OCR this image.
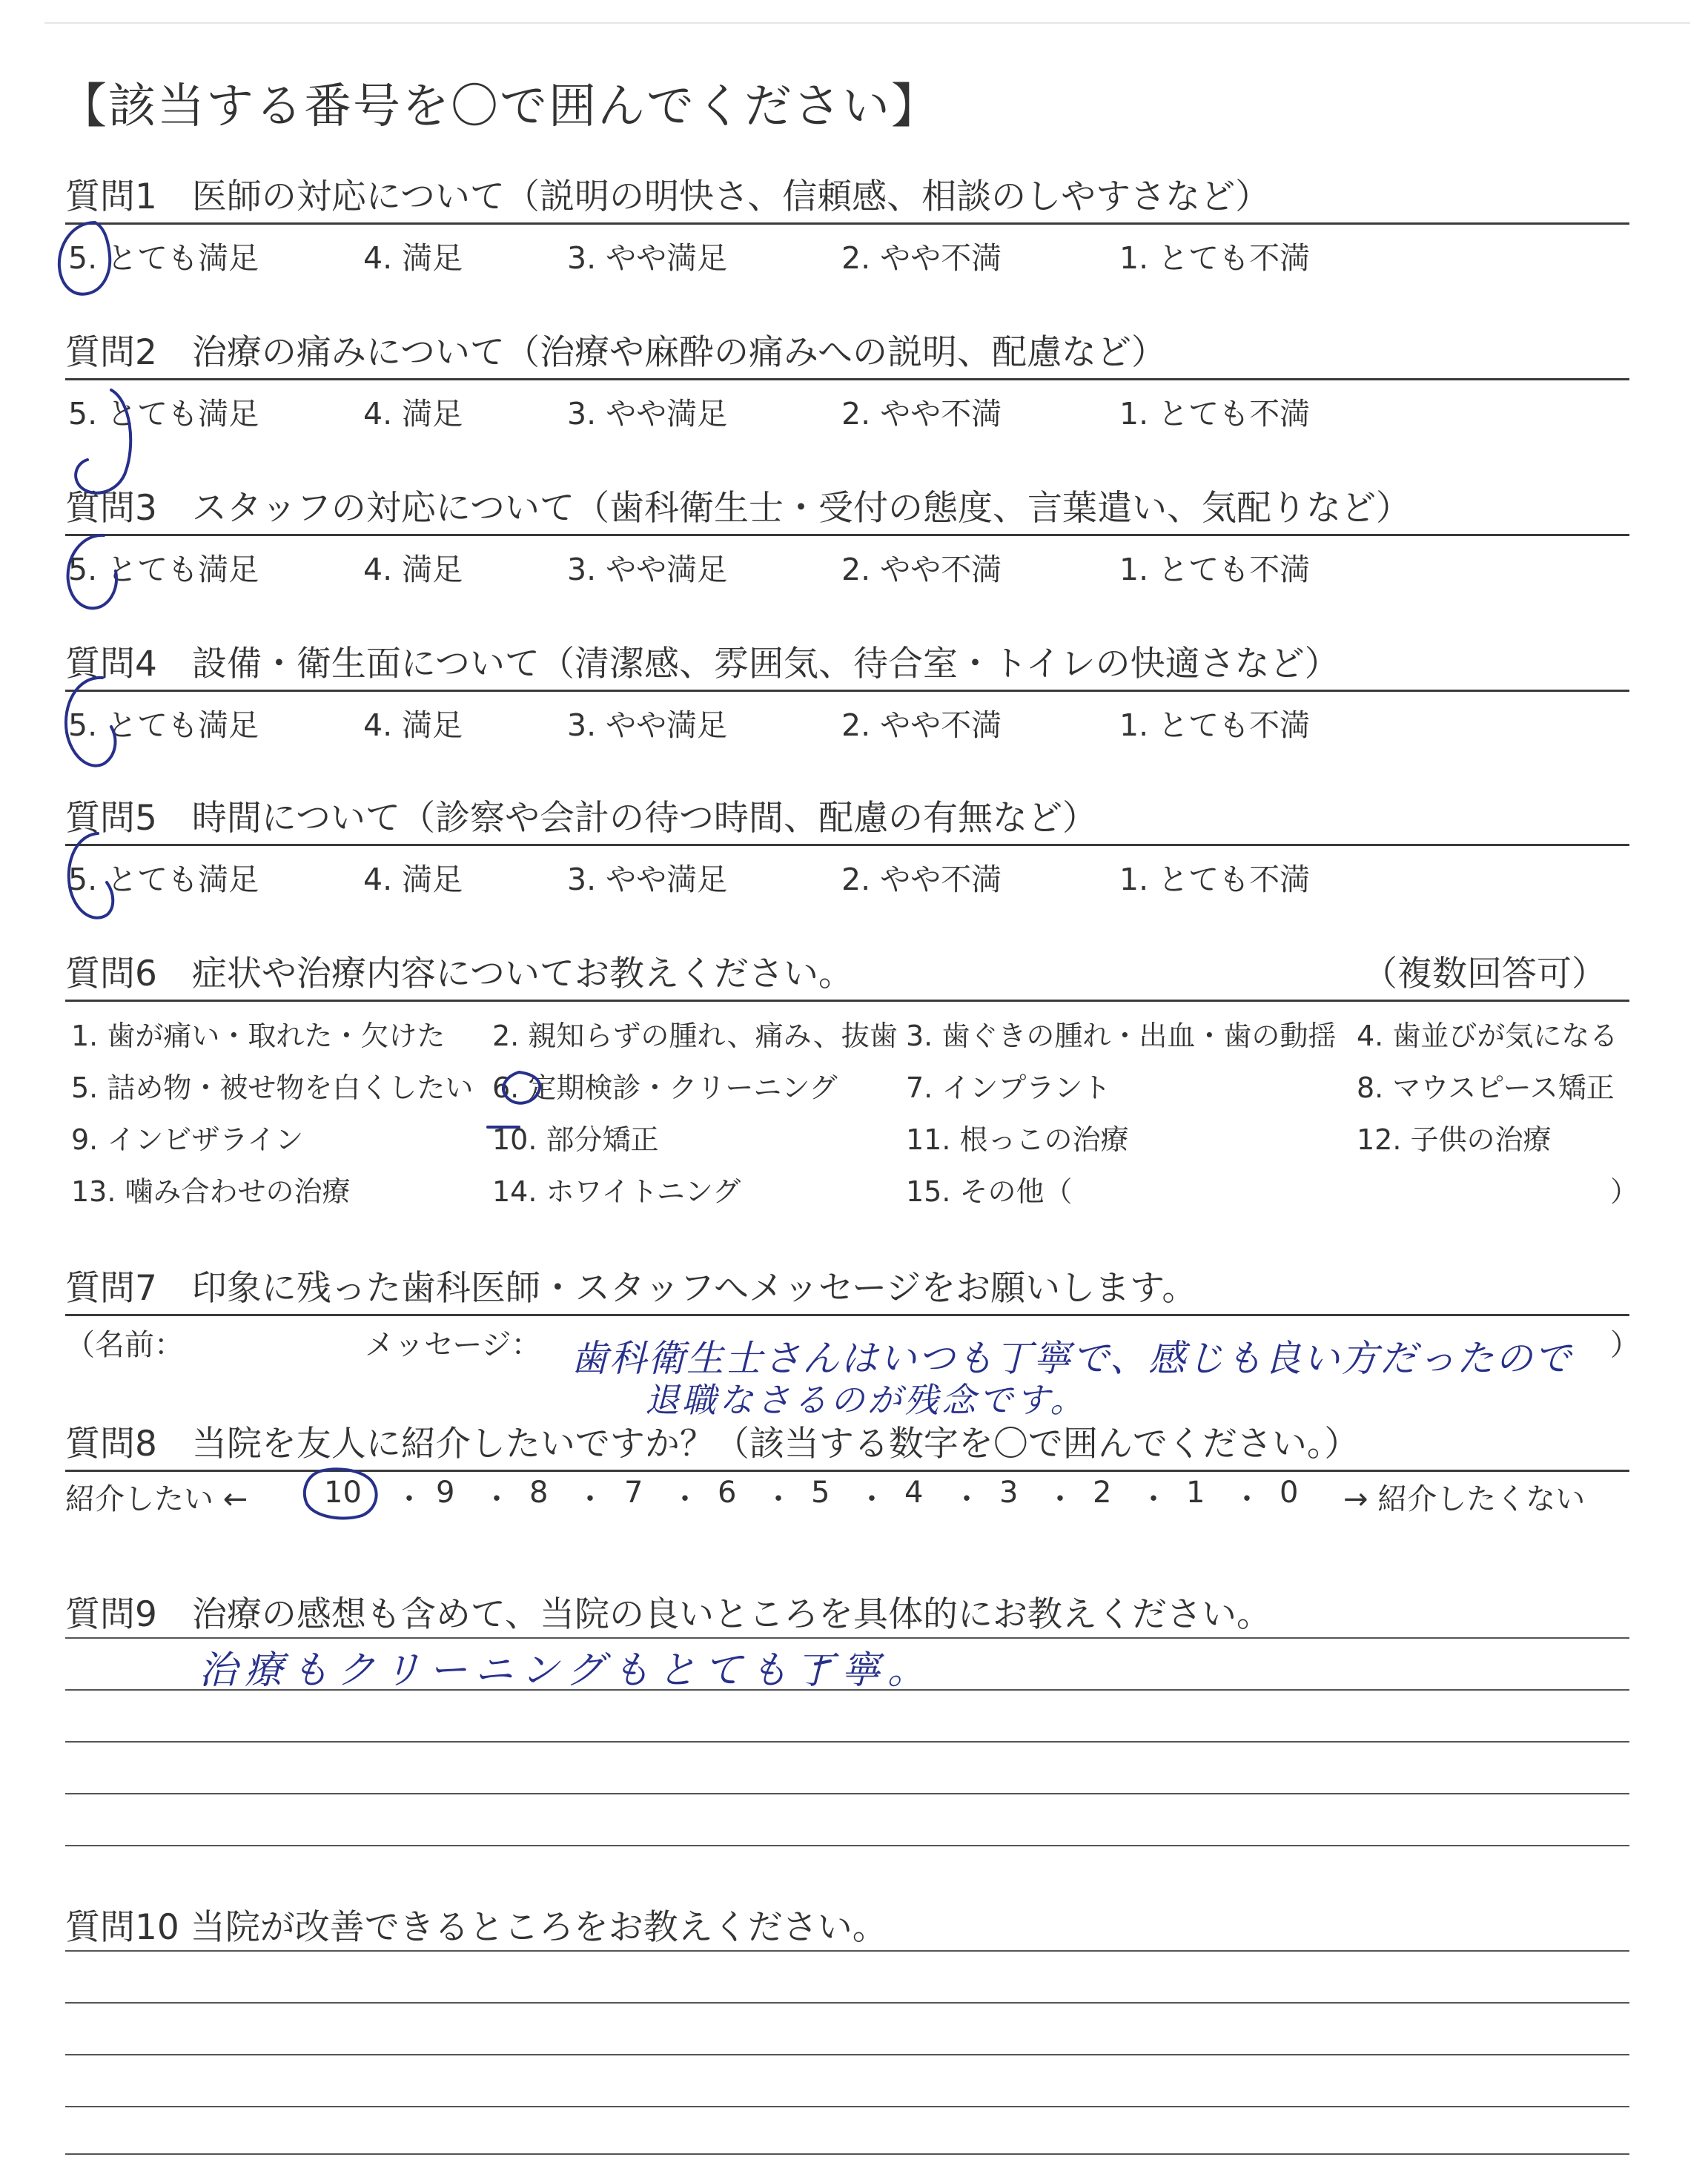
【該当する番号を〇で囲んでください】
質問1　医師の対応について（説明の明快さ、信頼感、相談のしやすさなど）
5. とても満足	4. 満足	3. やや満足	2. やや不満	1. とても不満
質問2　治療の痛みについて（治療や麻酔の痛みへの説明、配慮など）
5. とても満足	4. 満足	3. やや満足	2. やや不満	1. とても不満
質問3　スタッフの対応について（歯科衛生士・受付の態度、言葉遣い、気配りなど）
5. とても満足	4. 満足	3. やや満足	2. やや不満	1. とても不満
質問4　設備・衛生面について（清潔感、雰囲気、待合室・トイレの快適さなど）
5. とても満足	4. 満足	3. やや満足	2. やや不満	1. とても不満
質問5　時間について（診察や会計の待つ時間、配慮の有無など）
5. とても満足	4. 満足	3. やや満足	2. やや不満	1. とても不満
質問6　症状や治療内容についてお教えください。	（複数回答可）
1. 歯が痛い・取れた・欠けた 2. 親知らずの腫れ、痛み、抜歯 3. 歯ぐきの腫れ・出血・歯の動揺 4. 歯並びが気になる
5. 詰め物・被せ物を白くしたい 6. 定期検診・クリーニング 7. インプラント	8. マウスピース矯正
9. インビザライン	10. 部分矯正	11. 根っこの治療	12. 子供の治療
13. 噛み合わせの治療	14. ホワイトニング	15. その他（	）
質問7　印象に残った歯科医師・スタッフへメッセージをお願いします。
（名前：	メッセージ：	）
歯科衛生士さんはいつも丁寧で、感じも良い方だったので
退職なさるのが残念です。
質問8　当院を友人に紹介したいですか？（該当する数字を〇で囲んでください。）
紹介したい ←	→ 紹介したくない
10	9	8	7	6	5	4	3	2	1	0
・ ・ ・ ・ ・ ・ ・ ・ ・ ・
質問9　治療の感想も含めて、当院の良いところを具体的にお教えください。
治療もクリーニングもとても丁寧。
質問10 当院が改善できるところをお教えください。
